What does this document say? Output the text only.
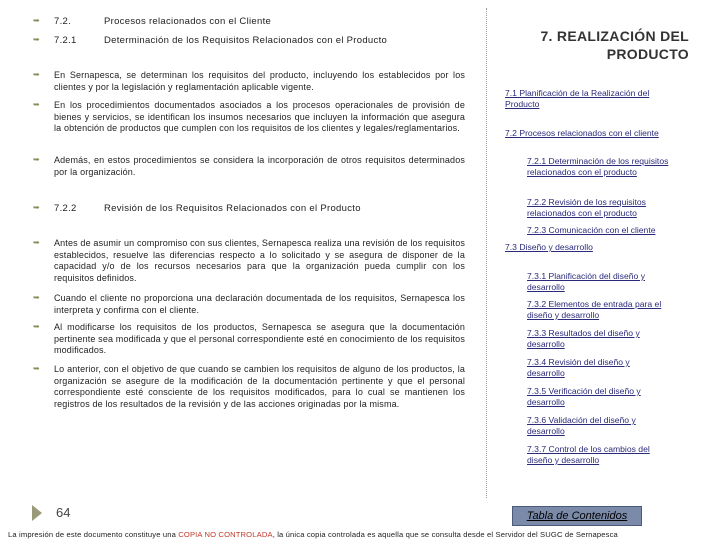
➥ 7.2.	Procesos relacionados con el Cliente
➥ 7.2.1	Determinación de los Requisitos Relacionados con el Producto
➥ En Sernapesca, se determinan los requisitos del producto, incluyendo los establecidos por los clientes y por la legislación y reglamentación aplicable vigente.
➥ En los procedimientos documentados asociados a los procesos operacionales de provisión de bienes y servicios, se identifican los insumos necesarios que incluyen la información que asegura la obtención de productos que cumplen con los requisitos de los clientes y legales/reglamentarios.
➥ Además, en estos procedimientos se considera la incorporación de otros requisitos determinados por la organización.
➥ 7.2.2	Revisión de los Requisitos Relacionados con el Producto
➥ Antes de asumir un compromiso con sus clientes, Sernapesca realiza una revisión de los requisitos establecidos, resuelve las diferencias respecto a lo solicitado y se asegura de disponer de la capacidad y/o de los recursos necesarios para que la organización pueda cumplir con los requisitos definidos.
➥ Cuando el cliente no proporciona una declaración documentada de los requisitos, Sernapesca los interpreta y confirma con el cliente.
➥ Al modificarse los requisitos de los productos, Sernapesca se asegura que la documentación pertinente sea modificada y que el personal correspondiente esté en conocimiento de los requisitos modificados.
➥ Lo anterior, con el objetivo de que cuando se cambien los requisitos de alguno de los productos, la organización se asegure de la modificación de la documentación pertinente y que el personal correspondiente esté consciente de los requisitos modificados, para lo cual se mantienen los registros de los resultados de la revisión y de las acciones originadas por la misma.
7. REALIZACIÓN DEL
PRODUCTO
7.1 Planificación de la Realización del Producto
7.2 Procesos relacionados con el cliente
7.2.1 Determinación de los requisitos relacionados con el producto
7.2.2 Revisión de los requisitos relacionados con el producto
7.2.3 Comunicación con el cliente
7.3 Diseño y desarrollo
7.3.1 Planificación del diseño y desarrollo
7.3.2 Elementos de entrada para el diseño y desarrollo
7.3.3 Resultados del diseño y desarrollo
7.3.4 Revisión del diseño y desarrollo
7.3.5 Verificación del diseño y desarrollo
7.3.6 Validación del diseño y desarrollo
7.3.7 Control de los cambios del diseño y desarrollo
64	Tabla de Contenidos
La impresión de este documento constituye una COPIA NO CONTROLADA, la única copia controlada es aquella que se consulta desde el Servidor del SUGC de Sernapesca
